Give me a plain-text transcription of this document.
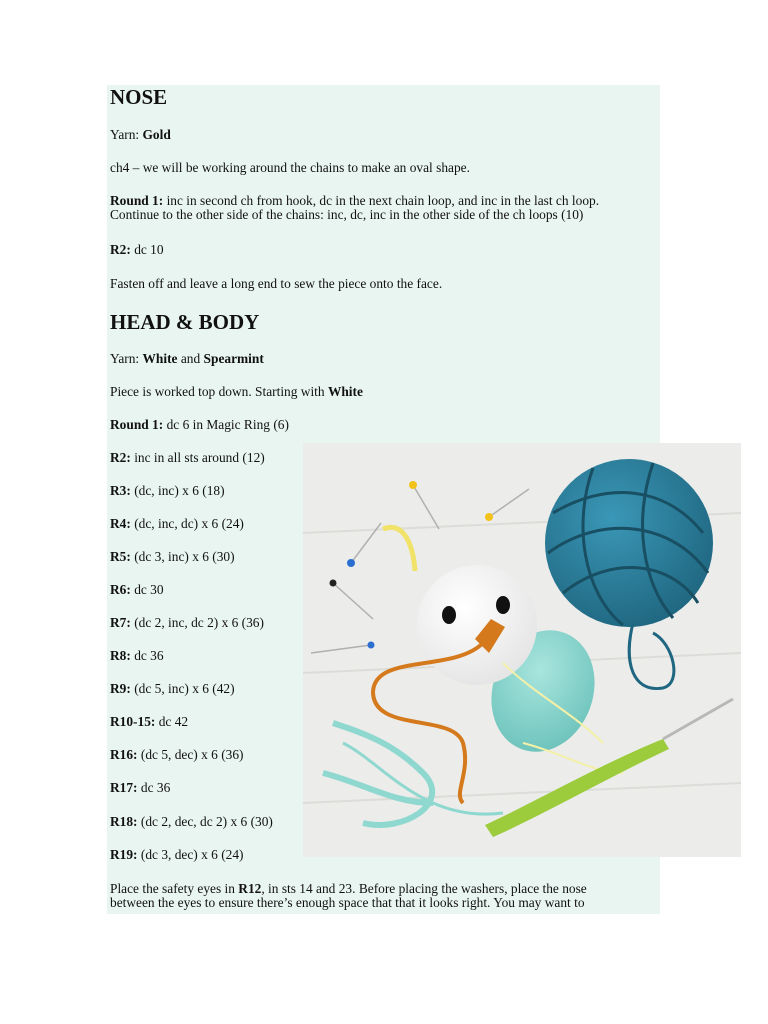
NOSE

Yarn: Gold

ch4 – we will be working around the chains to make an oval shape.

Round 1: inc in second ch from hook, dc in the next chain loop, and inc in the last ch loop.
Continue to the other side of the chains: inc, dc, inc in the other side of the ch loops (10)

R2: dc 10

Fasten off and leave a long end to sew the piece onto the face.

HEAD & BODY

Yarn: White and Spearmint

Piece is worked top down. Starting with White

Round 1: dc 6 in Magic Ring (6)

R2: inc in all sts around (12)

R3: (dc, inc) x 6 (18)

R4: (dc, inc, dc) x 6 (24)

R5: (dc 3, inc) x 6 (30)

R6: dc 30

R7: (dc 2, inc, dc 2) x 6 (36)

R8: dc 36

R9: (dc 5, inc) x 6 (42)

R10-15: dc 42

R16: (dc 5, dec) x 6 (36)

R17: dc 36

R18: (dc 2, dec, dc 2) x 6 (30)

R19: (dc 3, dec) x 6 (24)

Place the safety eyes in R12, in sts 14 and 23. Before placing the washers, place the nose
between the eyes to ensure there’s enough space that that it looks right. You may want to
